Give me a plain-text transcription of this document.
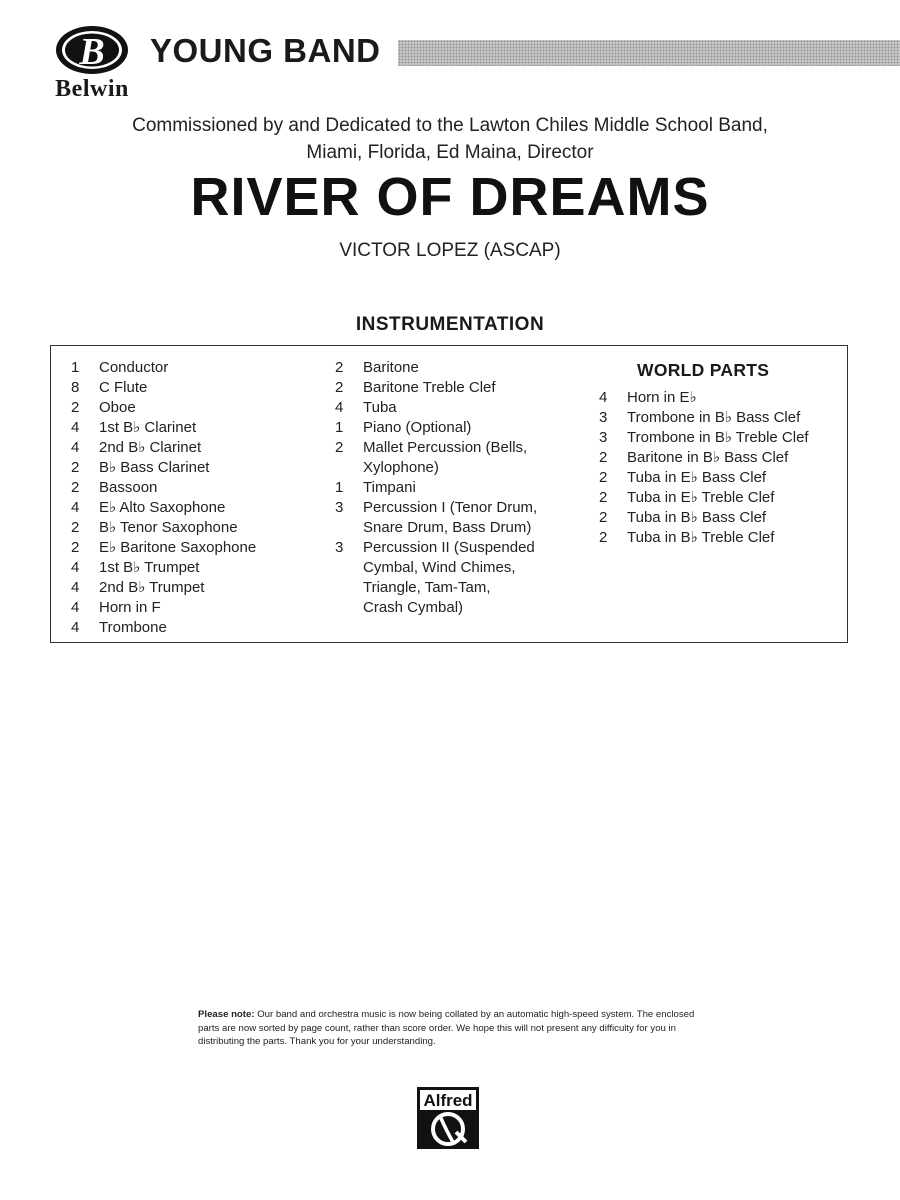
B
Belwin
YOUNG BAND
Commissioned by and Dedicated to the Lawton Chiles Middle School Band,
Miami, Florida, Ed Maina, Director
RIVER OF DREAMS
VICTOR LOPEZ (ASCAP)
INSTRUMENTATION
1	Conductor
8	C Flute
2	Oboe
4	1st B♭ Clarinet
4	2nd B♭ Clarinet
2	B♭ Bass Clarinet
2	Bassoon
4	E♭ Alto Saxophone
2	B♭ Tenor Saxophone
2	E♭ Baritone Saxophone
4	1st B♭ Trumpet
4	2nd B♭ Trumpet
4	Horn in F
4	Trombone
2	Baritone
2	Baritone Treble Clef
4	Tuba
1	Piano (Optional)
2	Mallet Percussion (Bells,
Xylophone)
1	Timpani
3	Percussion I (Tenor Drum,
Snare Drum, Bass Drum)
3	Percussion II (Suspended
Cymbal, Wind Chimes,
Triangle, Tam-Tam,
Crash Cymbal)
WORLD PARTS
4	Horn in E♭
3	Trombone in B♭ Bass Clef
3	Trombone in B♭ Treble Clef
2	Baritone in B♭ Bass Clef
2	Tuba in E♭ Bass Clef
2	Tuba in E♭ Treble Clef
2	Tuba in B♭ Bass Clef
2	Tuba in B♭ Treble Clef
Please note: Our band and orchestra music is now being collated by an automatic high-speed system. The enclosed parts are now sorted by page count, rather than score order. We hope this will not present any difficulty for you in distributing the parts. Thank you for your understanding.
Alfred
